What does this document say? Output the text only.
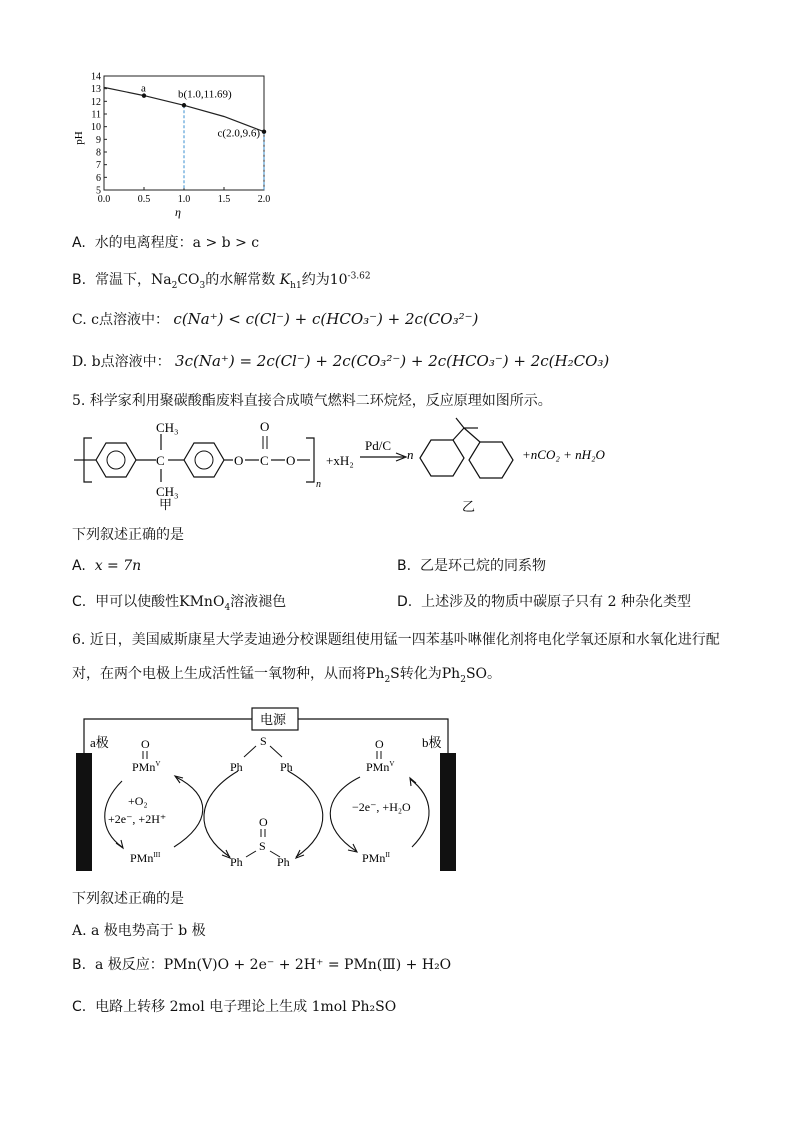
5
6
7
8
9
10
11
12
13
14
0.0	0.5	1.0	1.5	2.0
a	b(1.0,11.69)
c(2.0,9.6)
pH
η
A. 水的电离程度：a > b > c
B. 常温下，$Na_2CO_3$的水解常数 $K_{h1}$约为$10^{-3.62}$
C. c点溶液中： c(Na⁺) < c(Cl⁻) + c(HCO₃⁻) + 2c(CO₃²⁻)
D. b点溶液中： 3c(Na⁺) = 2c(Cl⁻) + 2c(CO₃²⁻) + 2c(HCO₃⁻) + 2c(H₂CO₃)
5. 科学家利用聚碳酸酯废料直接合成喷气燃料二环烷烃，反应原理如图所示。
C
CH₃
CH₃
O C
O
O
n
+xH₂
Pd/C
n	+nCO₂ + nH₂O
甲	乙
下列叙述正确的是
A. x = 7n	B. 乙是环己烷的同系物
C. 甲可以使酸性KMnO$_4$溶液褪色	D. 上述涉及的物质中碳原子只有 2 种杂化类型
6. 近日，美国威斯康星大学麦迪逊分校课题组使用锰一四苯基卟啉催化剂将电化学氧还原和水氧化进行配
对，在两个电极上生成活性锰一氧物种，从而将$Ph_2S$转化为$Ph_2SO$。
电源
a极	b极
O
PMn$^V$
PMn$^{III}$
+O₂
+2e⁻, +2H⁺
S
Ph	Ph
O
S
Ph	Ph
O
PMn$^V$
PMn$^{II}$
−2e⁻, +H₂O
下列叙述正确的是
A. a 极电势高于 b 极
B. a 极反应：PMn(V)O + 2e⁻ + 2H⁺ = PMn(Ⅲ) + H₂O
C. 电路上转移 2mol 电子理论上生成 1mol Ph₂SO
